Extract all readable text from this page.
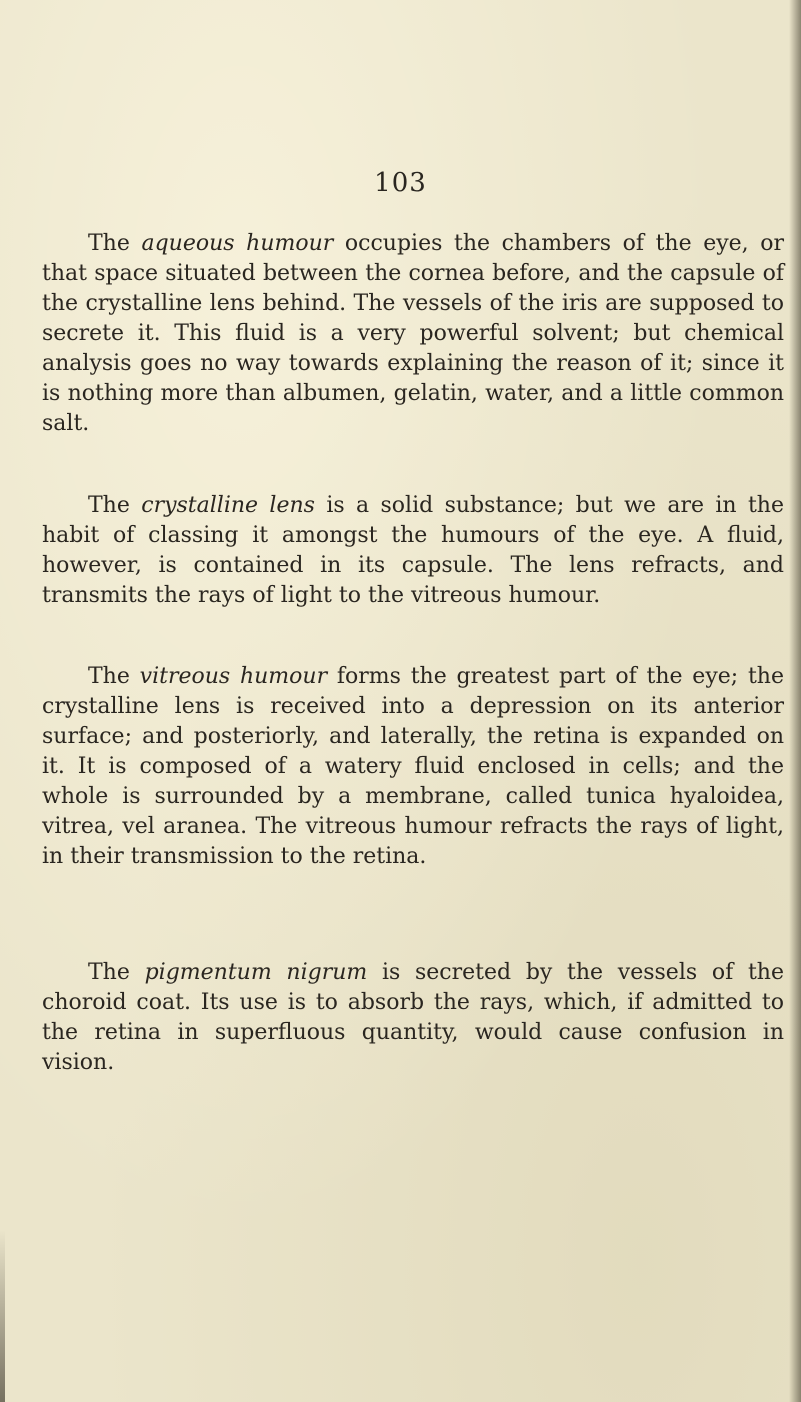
103

The aqueous humour occupies the chambers of the eye, or that space situated between the cornea before, and the capsule of the crystalline lens behind. The vessels of the iris are supposed to secrete it. This fluid is a very powerful solvent; but chemical analysis goes no way towards explaining the reason of it; since it is nothing more than albumen, gelatin, water, and a little common salt.

The crystalline lens is a solid substance; but we are in the habit of classing it amongst the humours of the eye. A fluid, however, is contained in its capsule. The lens refracts, and transmits the rays of light to the vitreous humour.

The vitreous humour forms the greatest part of the eye; the crystalline lens is received into a depression on its anterior surface; and posteriorly, and laterally, the retina is expanded on it. It is composed of a watery fluid enclosed in cells; and the whole is surrounded by a membrane, called tunica hyaloidea, vitrea, vel aranea. The vitreous humour refracts the rays of light, in their transmission to the retina.

The pigmentum nigrum is secreted by the vessels of the choroid coat. Its use is to absorb the rays, which, if admitted to the retina in superfluous quantity, would cause confusion in vision.
